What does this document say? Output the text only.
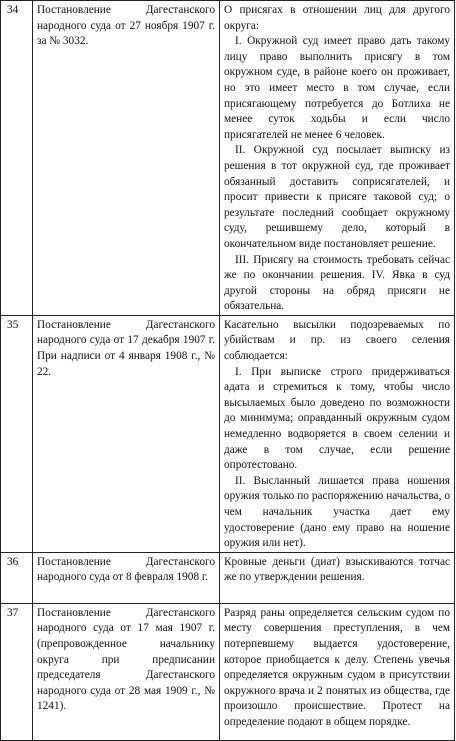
34	Постановление Дагестанского народного суда от 27 ноября 1907 г. за № 3032.	О присягах в отношении лиц для другого округа:

I. Окружной суд имеет право дать такому лицу право выполнить присягу в том окружном суде, в районе коего он проживает, но это имеет место в том случае, если присягающему потребуется до Ботлиха не менее суток ходьбы и если число присягателей не менее 6 человек.

II. Окружной суд посылает выписку из решения в тот окружной суд, где проживает обязанный доставить соприсягателей, и просит привести к присяге таковой суд; о результате последний сообщает окружному суду, решившему дело, который в окончательном виде постановляет решение.

III. Присягу на стоимость требовать сейчас же по окончании решения. IV. Явка в суд другой стороны на обряд присяги не обязательна.

35	Постановление Дагестанского народного суда от 17 декабря 1907 г. При надписи от 4 января 1908 г., № 22.	Касательно высылки подозреваемых по убийствам и пр. из своего селения соблюдается:

I. При выписке строго придерживаться адата и стремиться к тому, чтобы число высылаемых было доведено по возможности до минимума; оправданный окружным судом немедленно водворяется в своем селении и даже в том случае, если решение опротестовано.

II. Высланный лишается права ношения оружия только по распоряжению начальства, о чем начальник участка дает ему удостоверение (дано ему право на ношение оружия или нет).

36	Постановление Дагестанского народного суда от 8 февраля 1908 г.	Кровные деньги (диат) взыскиваются тотчас же по утверждении решения.

37	Постановление Дагестанского народного суда от 17 мая 1907 г. (препровожденное начальнику округа при предписании председателя Дагестанского народного суда от 28 мая 1909 г., № 1241).	Разряд раны определяется сельским судом по месту совершения преступления, в чем потерпевшему выдается удостоверение, которое приобщается к делу. Степень увечья определяется окружным судом в присутствии окружного врача и 2 понятых из общества, где произошло происшествие. Протест на определение подают в общем порядке.
